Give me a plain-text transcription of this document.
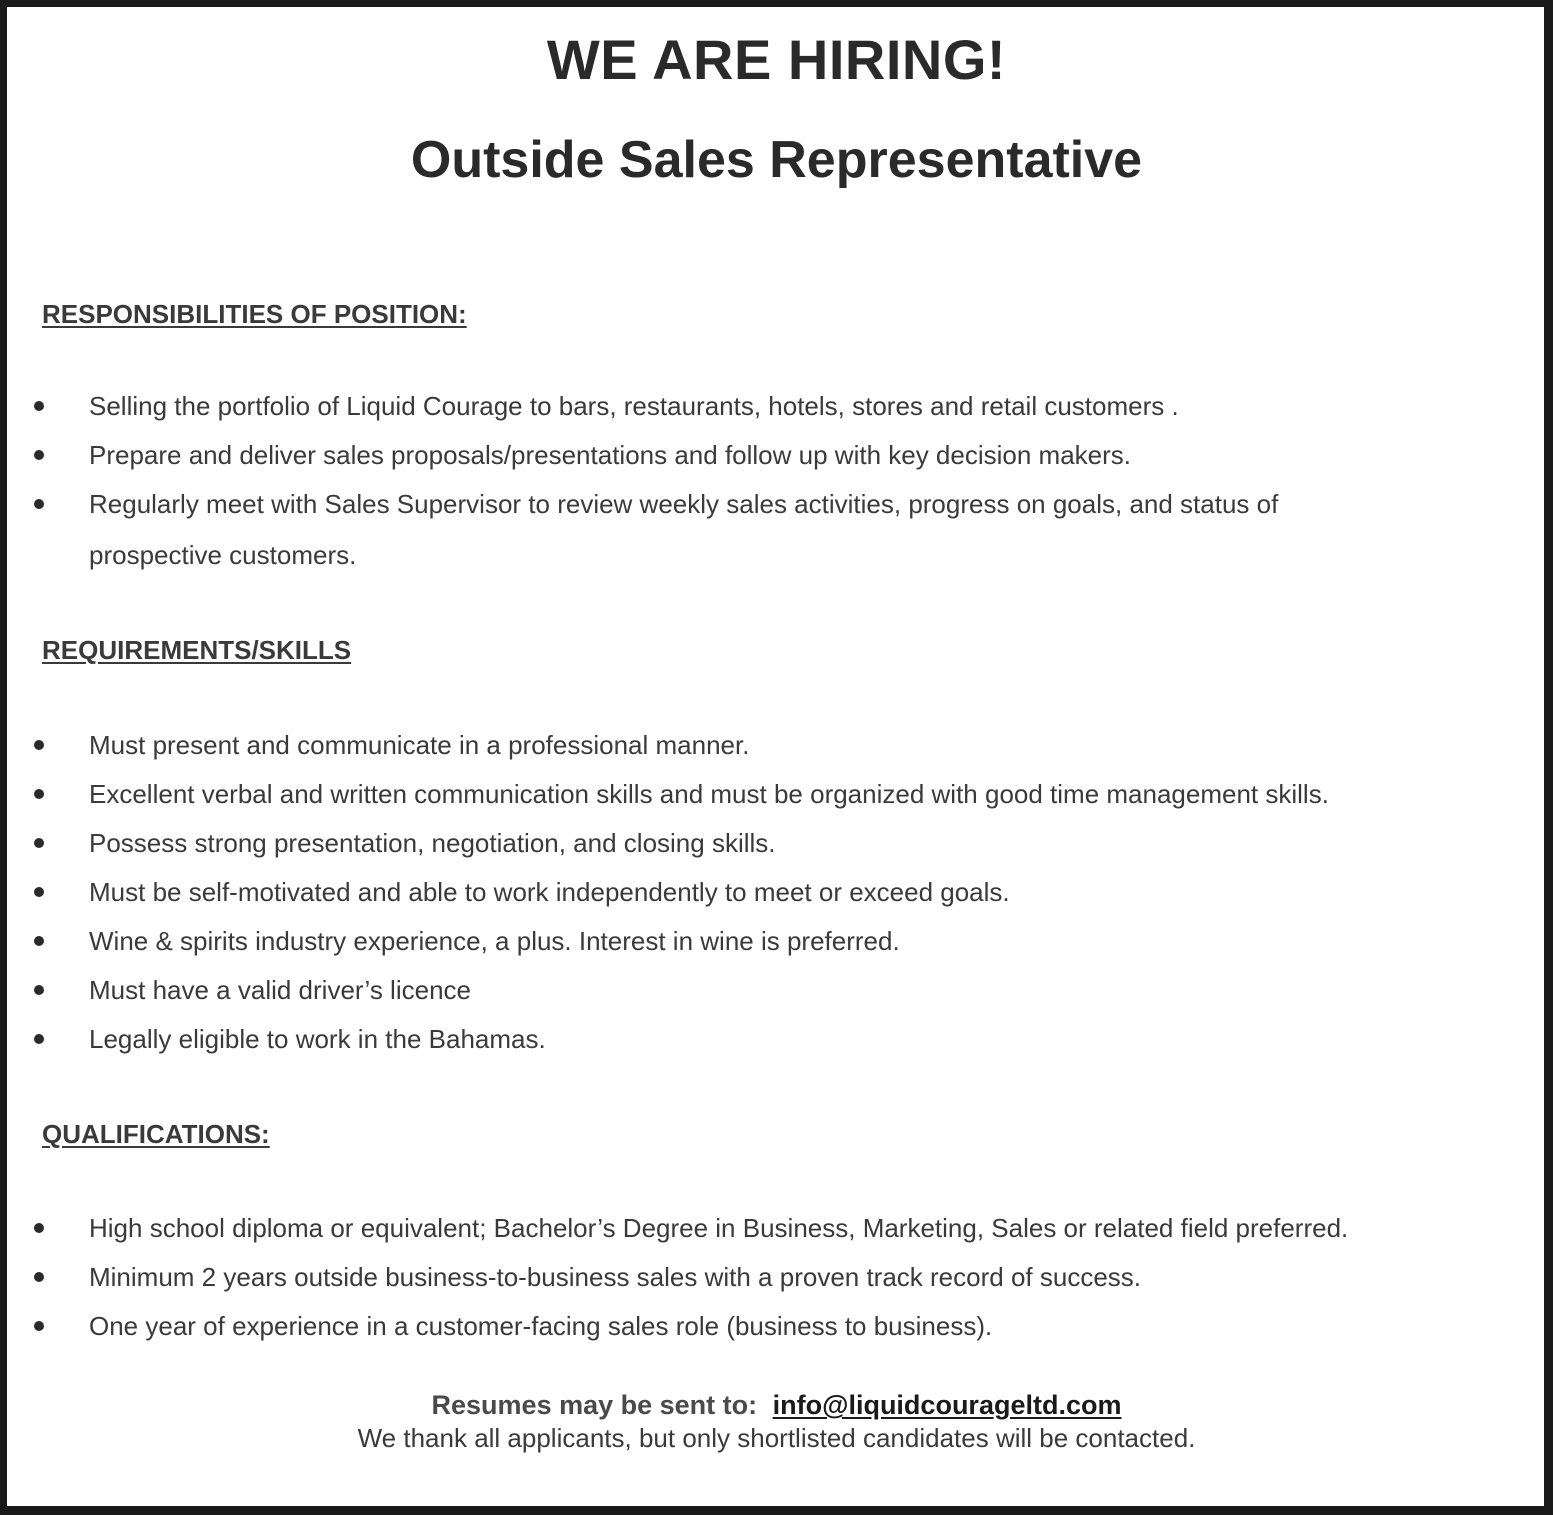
WE ARE HIRING!
Outside Sales Representative
RESPONSIBILITIES OF POSITION:
Selling the portfolio of Liquid Courage to bars, restaurants, hotels, stores and retail customers .
Prepare and deliver sales proposals/presentations and follow up with key decision makers.
Regularly meet with Sales Supervisor to review weekly sales activities, progress on goals, and status of prospective customers.
REQUIREMENTS/SKILLS
Must present and communicate in a professional manner.
Excellent verbal and written communication skills and must be organized with good time management skills.
Possess strong presentation, negotiation, and closing skills.
Must be self-motivated and able to work independently to meet or exceed goals.
Wine & spirits industry experience, a plus. Interest in wine is preferred.
Must have a valid driver’s licence
Legally eligible to work in the Bahamas.
QUALIFICATIONS:
High school diploma or equivalent; Bachelor’s Degree in Business, Marketing, Sales or related field preferred.
Minimum 2 years outside business-to-business sales with a proven track record of success.
One year of experience in a customer-facing sales role (business to business).
Resumes may be sent to: info@liquidcourageltd.com
We thank all applicants, but only shortlisted candidates will be contacted.
